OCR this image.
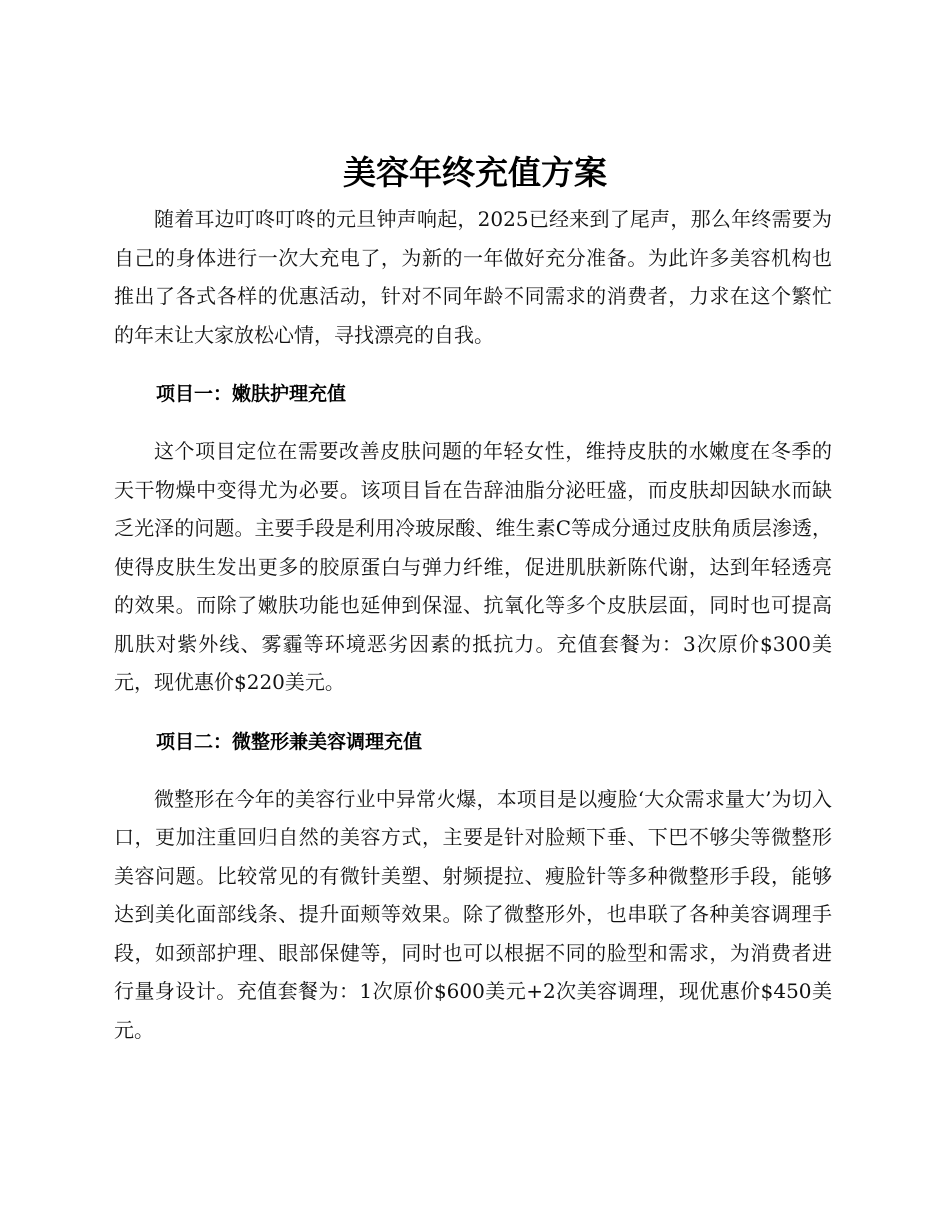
美容年终充值方案

随着耳边叮咚叮咚的元旦钟声响起，2025已经来到了尾声，那么年终需要为自己的身体进行一次大充电了，为新的一年做好充分准备。为此许多美容机构也推出了各式各样的优惠活动，针对不同年龄不同需求的消费者，力求在这个繁忙的年末让大家放松心情，寻找漂亮的自我。

项目一：嫩肤护理充值

这个项目定位在需要改善皮肤问题的年轻女性，维持皮肤的水嫩度在冬季的天干物燥中变得尤为必要。该项目旨在告辞油脂分泌旺盛，而皮肤却因缺水而缺乏光泽的问题。主要手段是利用冷玻尿酸、维生素C等成分通过皮肤角质层渗透，使得皮肤生发出更多的胶原蛋白与弹力纤维，促进肌肤新陈代谢，达到年轻透亮的效果。而除了嫩肤功能也延伸到保湿、抗氧化等多个皮肤层面，同时也可提高肌肤对紫外线、雾霾等环境恶劣因素的抵抗力。充值套餐为：3次原价$300美元，现优惠价$220美元。

项目二：微整形兼美容调理充值

微整形在今年的美容行业中异常火爆，本项目是以瘦脸‘大众需求量大’为切入口，更加注重回归自然的美容方式，主要是针对脸颊下垂、下巴不够尖等微整形美容问题。比较常见的有微针美塑、射频提拉、瘦脸针等多种微整形手段，能够达到美化面部线条、提升面颊等效果。除了微整形外，也串联了各种美容调理手段，如颈部护理、眼部保健等，同时也可以根据不同的脸型和需求，为消费者进行量身设计。充值套餐为：1次原价$600美元+2次美容调理，现优惠价$450美元。
